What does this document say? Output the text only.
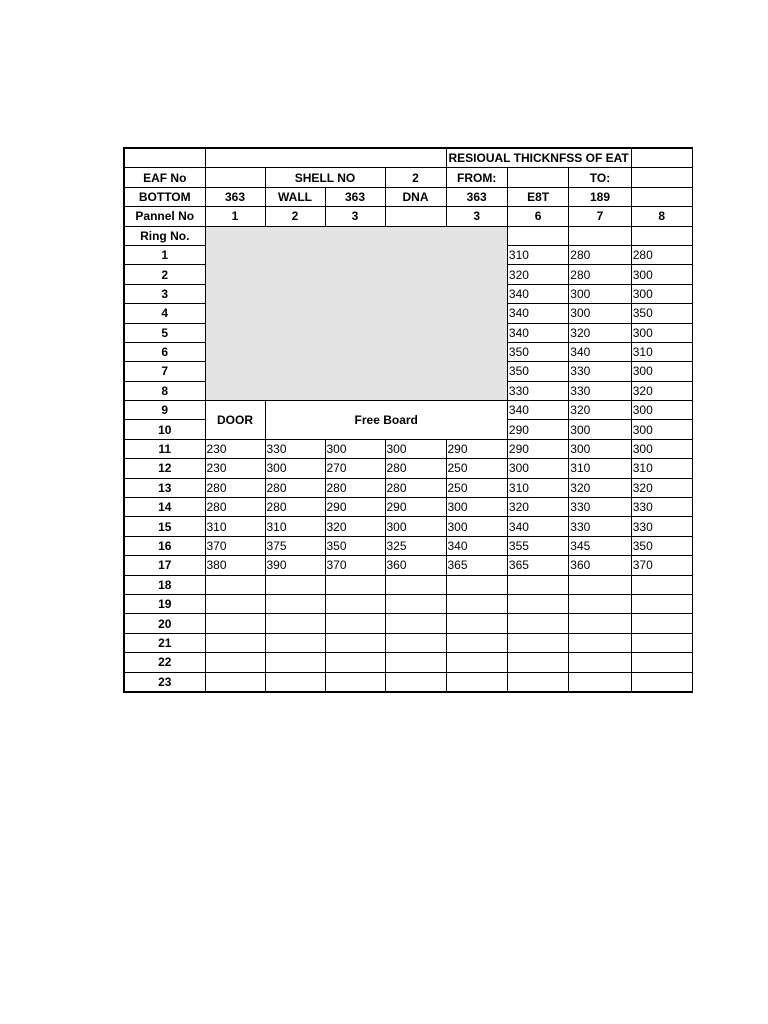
					RESIOUAL THICKNFSS OF EAT			
EAF No		SHELL NO		2	FROM:		TO:	
BOTTOM	363	WALL	363	DNA	363	E8T	189	
Pannel No	1	2	3		3	6	7	8
Ring No.								
1						310	280	280
2						320	280	300
3						340	300	300
4						340	300	350
5						340	320	300
6						350	340	310
7						350	330	300
8						330	330	320
9	DOOR	Free Board				340	320	300
10						290	300	300
11	230	330	300	300	290	290	300	300
12	230	300	270	280	250	300	310	310
13	280	280	280	280	250	310	320	320
14	280	280	290	290	300	320	330	330
15	310	310	320	300	300	340	330	330
16	370	375	350	325	340	355	345	350
17	380	390	370	360	365	365	360	370
18								
19								
20								
21								
22								
23								
